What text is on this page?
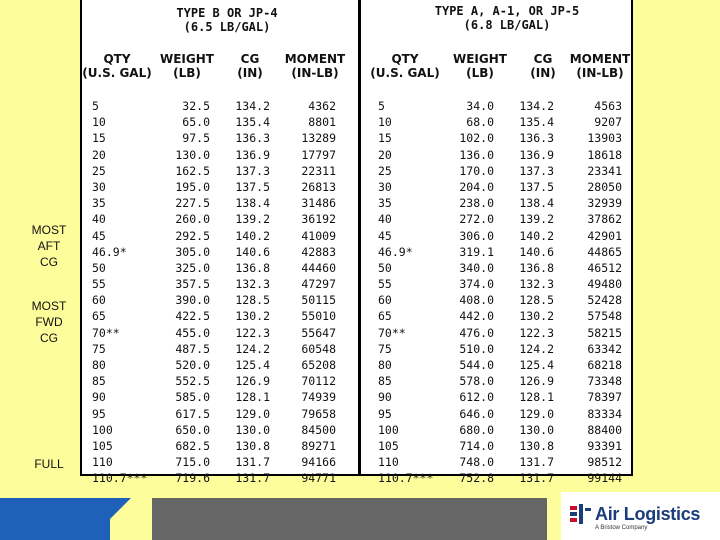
MOST
AFT
CG
MOST
FWD
CG
FULL
TYPE B OR JP-4
(6.5 LB/GAL)
TYPE A, A-1, OR JP-5
(6.8 LB/GAL)
QTY
(U.S. GAL)
WEIGHT
(LB)
CG
(IN)
MOMENT
(IN-LB)
QTY
(U.S. GAL)
WEIGHT
(LB)
CG
(IN)
MOMENT
(IN-LB)
5
10
15
20
25
30
35
40
45
46.9*
50
55
60
65
70**
75
80
85
90
95
100
105
110
110.7***
32.5
65.0
97.5
130.0
162.5
195.0
227.5
260.0
292.5
305.0
325.0
357.5
390.0
422.5
455.0
487.5
520.0
552.5
585.0
617.5
650.0
682.5
715.0
719.6
134.2
135.4
136.3
136.9
137.3
137.5
138.4
139.2
140.2
140.6
136.8
132.3
128.5
130.2
122.3
124.2
125.4
126.9
128.1
129.0
130.0
130.8
131.7
131.7
4362
8801
13289
17797
22311
26813
31486
36192
41009
42883
44460
47297
50115
55010
55647
60548
65208
70112
74939
79658
84500
89271
94166
94771
5
10
15
20
25
30
35
40
45
46.9*
50
55
60
65
70**
75
80
85
90
95
100
105
110
110.7***
34.0
68.0
102.0
136.0
170.0
204.0
238.0
272.0
306.0
319.1
340.0
374.0
408.0
442.0
476.0
510.0
544.0
578.0
612.0
646.0
680.0
714.0
748.0
752.8
134.2
135.4
136.3
136.9
137.3
137.5
138.4
139.2
140.2
140.6
136.8
132.3
128.5
130.2
122.3
124.2
125.4
126.9
128.1
129.0
130.0
130.8
131.7
131.7
4563
9207
13903
18618
23341
28050
32939
37862
42901
44865
46512
49480
52428
57548
58215
63342
68218
73348
78397
83334
88400
93391
98512
99144
Air Logistics
A Bristow Company
